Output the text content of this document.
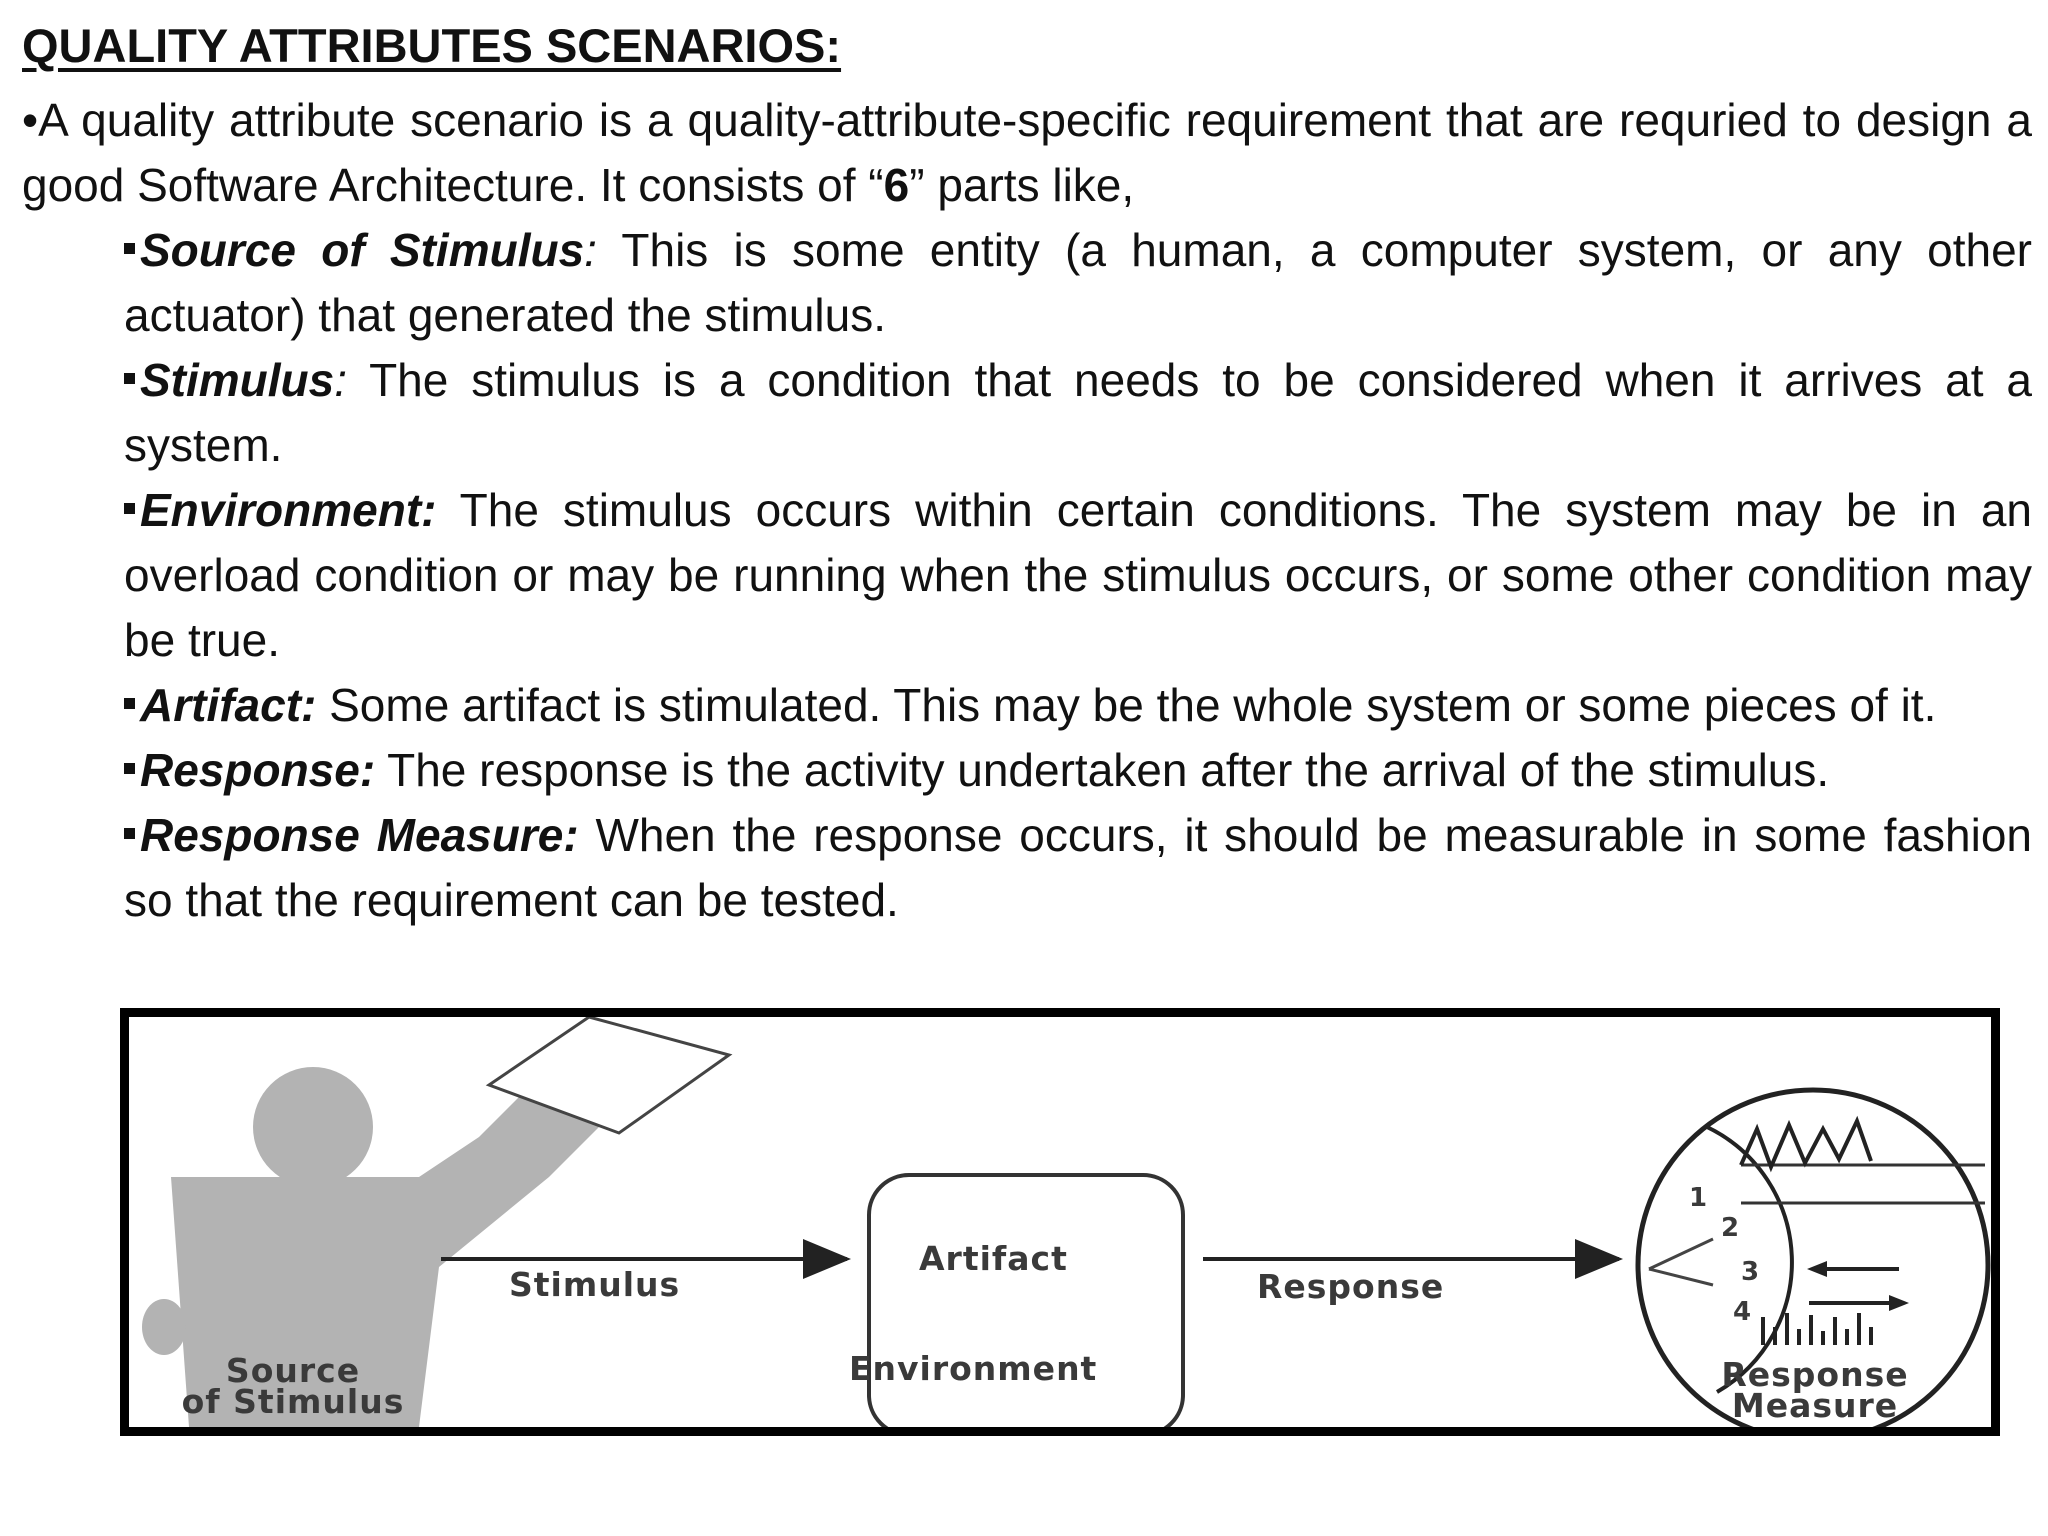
QUALITY ATTRIBUTES SCENARIOS:

•A quality attribute scenario is a quality-attribute-specific requirement that are requried to design a good Software Architecture. It consists of “6” parts like,

Source of Stimulus: This is some entity (a human, a computer system, or any other actuator) that generated the stimulus.
Stimulus: The stimulus is a condition that needs to be considered when it arrives at a system.
Environment: The stimulus occurs within certain conditions. The system may be in an overload condition or may be running when the stimulus occurs, or some other condition may be true.
Artifact: Some artifact is stimulated. This may be the whole system or some pieces of it.
Response: The response is the activity undertaken after the arrival of the stimulus.
Response Measure: When the response occurs, it should be measurable in some fashion so that the requirement can be tested.
1
2
3
4
Stimulus
Artifact
Environment
Response
Source
of Stimulus
Response
Measure
